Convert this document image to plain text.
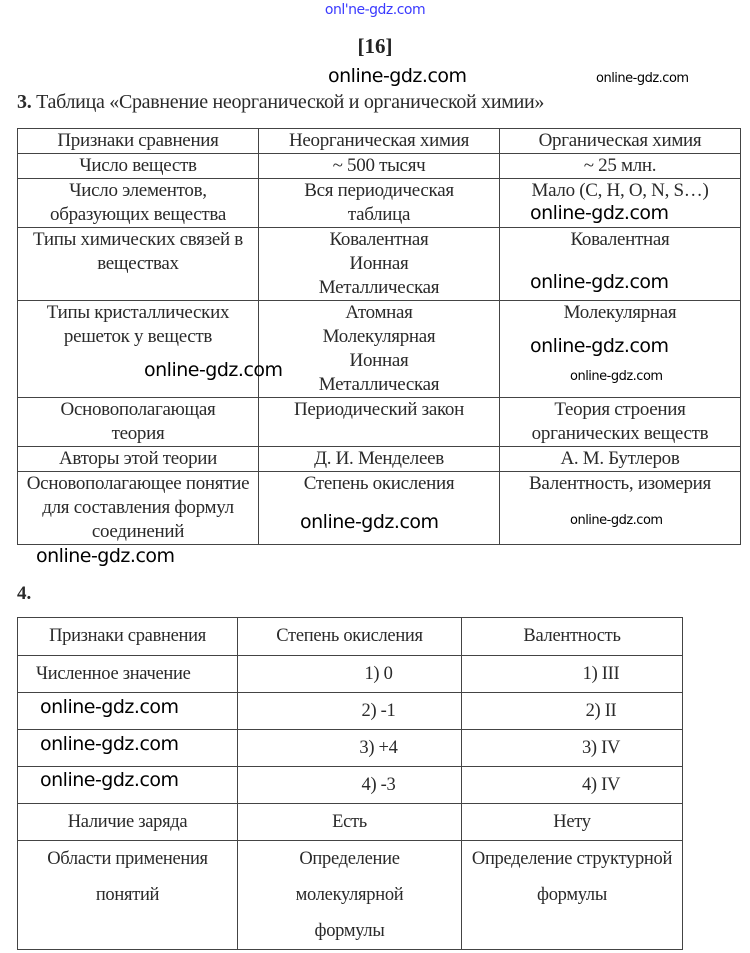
onl'ne-gdz.com
[16]
3. Таблица «Сравнение неорганической и органической химии»
Признаки сравнения	Неорганическая химия	Органическая химия
Число веществ	~ 500 тысяч	~ 25 млн.
Число элементов, образующих вещества	Вся периодическая таблица	Мало (C, H, O, N, S…)
Типы химических связей в веществах	Ковалентная Ионная Металлическая	Ковалентная
Типы кристаллических решеток у веществ	Атомная Молекулярная Ионная Металлическая	Молекулярная
Основополагающая теория	Периодический закон	Теория строения органических веществ
Авторы этой теории	Д. И. Менделеев	А. М. Бутлеров
Основополагающее понятие для составления формул соединений	Степень окисления	Валентность, изомерия
4.
Признаки сравнения	Степень окисления	Валентность
Численное значение	1) 0	1) III
	2) -1	2) II
	3) +4	3) IV
	4) -3	4) IV
Наличие заряда	Есть	Нету
Области применения понятий	Определение молекулярной формулы	Определение структурной формулы
online-gdz.com	online-gdz.com
online-gdz.com
online-gdz.com
online-gdz.com
online-gdz.com
online-gdz.com
online-gdz.com	online-gdz.com
online-gdz.com
online-gdz.com
online-gdz.com
online-gdz.com
